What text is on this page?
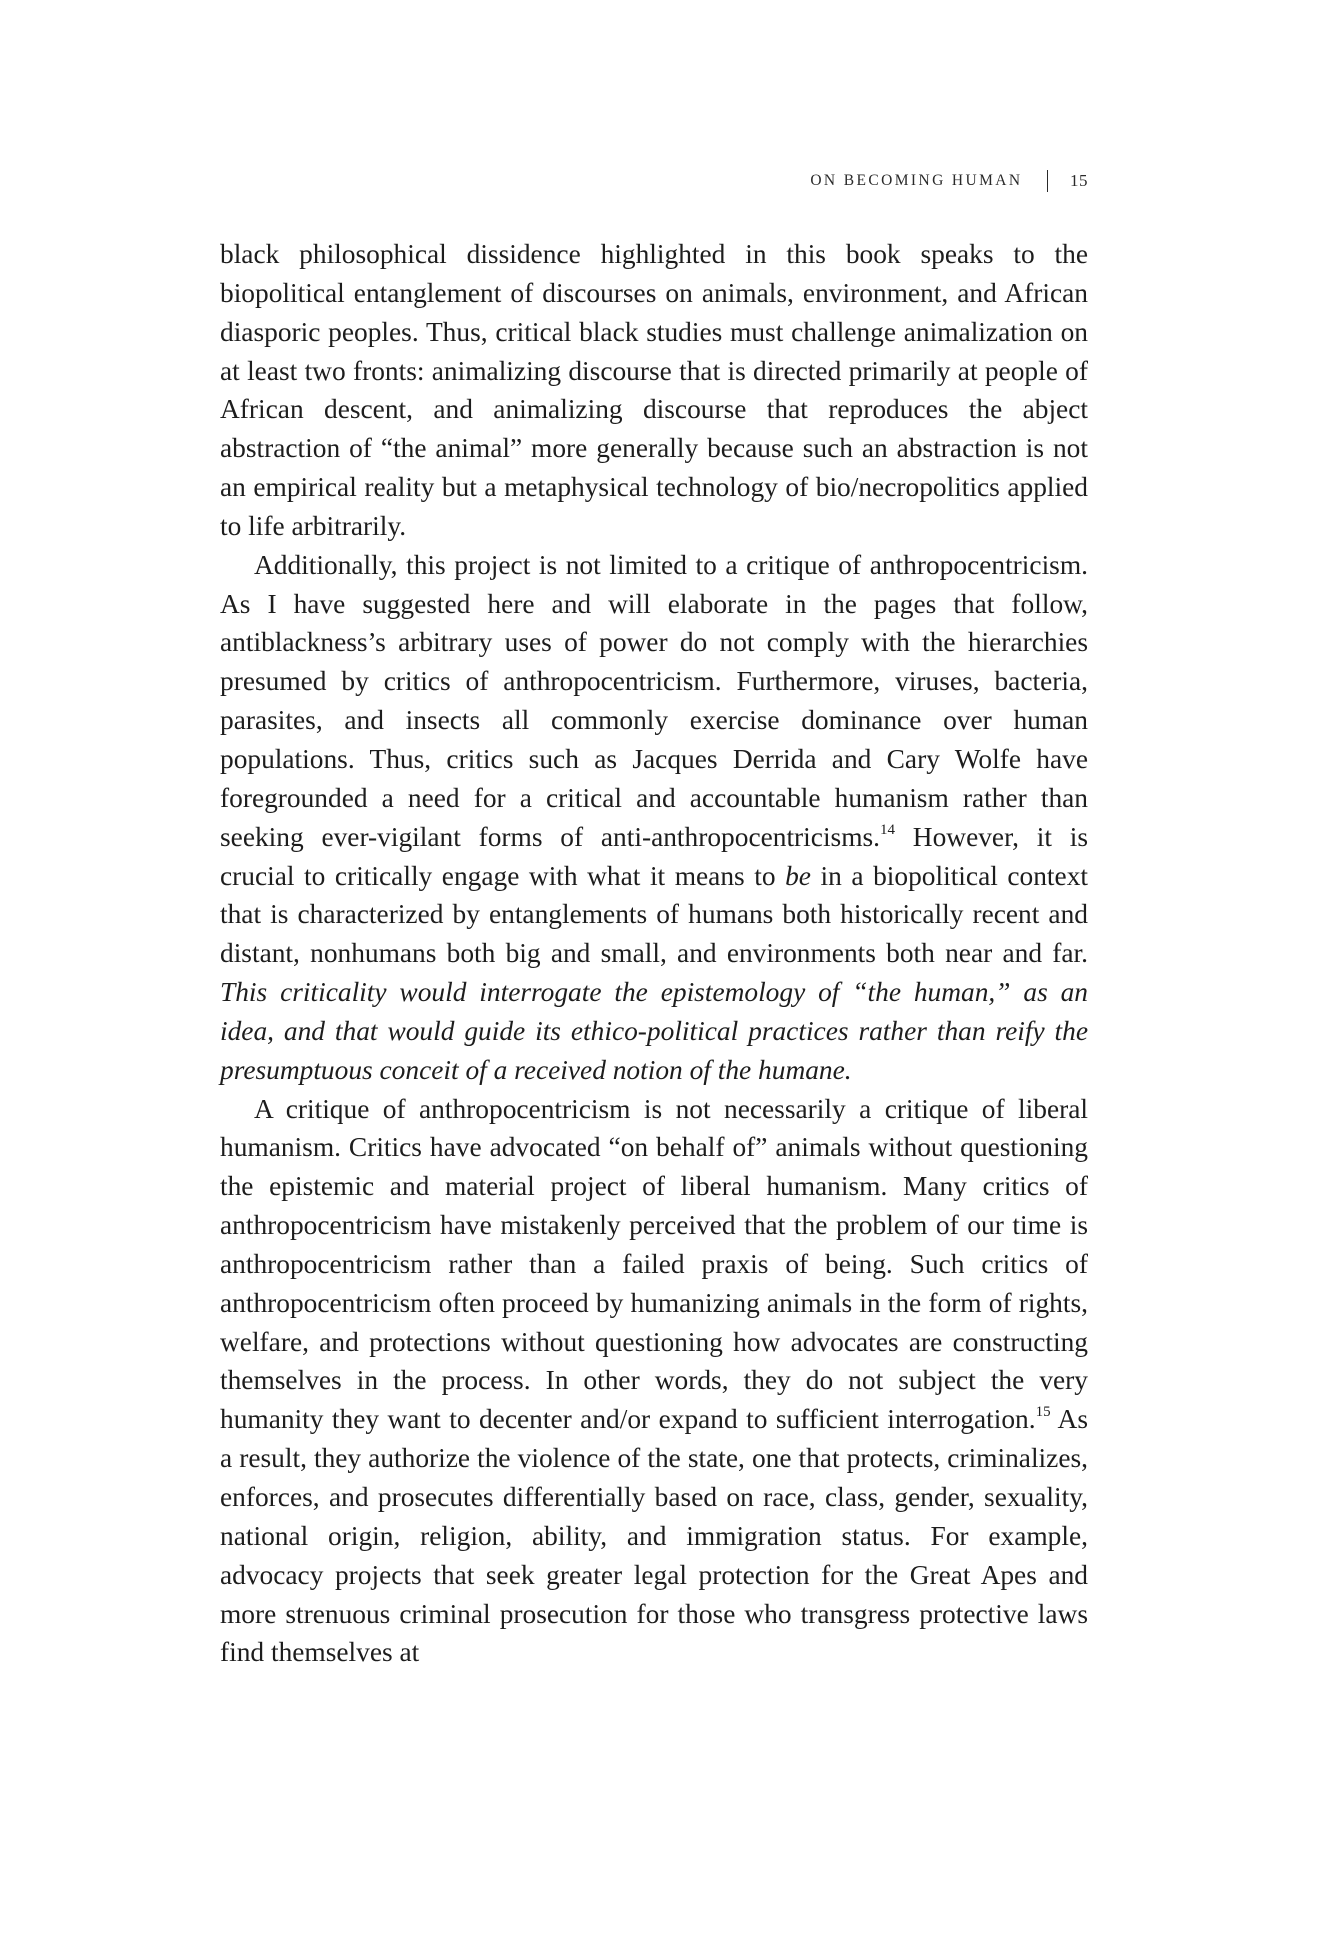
ON BECOMING HUMAN	15

black philosophical dissidence highlighted in this book speaks to the biopolitical entanglement of discourses on animals, environment, and African diasporic peoples. Thus, critical black studies must challenge animalization on at least two fronts: animalizing discourse that is directed primarily at people of African descent, and animalizing discourse that reproduces the abject abstraction of “the animal” more generally because such an abstraction is not an empirical reality but a metaphysical technology of bio/necropolitics applied to life arbitrarily.

Additionally, this project is not limited to a critique of anthropocentricism. As I have suggested here and will elaborate in the pages that follow, antiblackness’s arbitrary uses of power do not comply with the hierarchies presumed by critics of anthropocentricism. Furthermore, viruses, bacteria, parasites, and insects all commonly exercise dominance over human populations. Thus, critics such as Jacques Derrida and Cary Wolfe have foregrounded a need for a critical and accountable humanism rather than seeking ever-vigilant forms of anti-anthropocentricisms.$^{14}$ However, it is crucial to critically engage with what it means to be in a biopolitical context that is characterized by entanglements of humans both historically recent and distant, nonhumans both big and small, and environments both near and far. This criticality would interrogate the epistemology of “the human,” as an idea, and that would guide its ethico-political practices rather than reify the presumptuous conceit of a received notion of the humane.

A critique of anthropocentricism is not necessarily a critique of liberal humanism. Critics have advocated “on behalf of” animals without questioning the epistemic and material project of liberal humanism. Many critics of anthropocentricism have mistakenly perceived that the problem of our time is anthropocentricism rather than a failed praxis of being. Such critics of anthropocentricism often proceed by humanizing animals in the form of rights, welfare, and protections without questioning how advocates are constructing themselves in the process. In other words, they do not subject the very humanity they want to decenter and/or expand to sufficient interrogation.$^{15}$ As a result, they authorize the violence of the state, one that protects, criminalizes, enforces, and prosecutes differentially based on race, class, gender, sexuality, national origin, religion, ability, and immigration status. For example, advocacy projects that seek greater legal protection for the Great Apes and more strenuous criminal prosecution for those who transgress protective laws find themselves at
